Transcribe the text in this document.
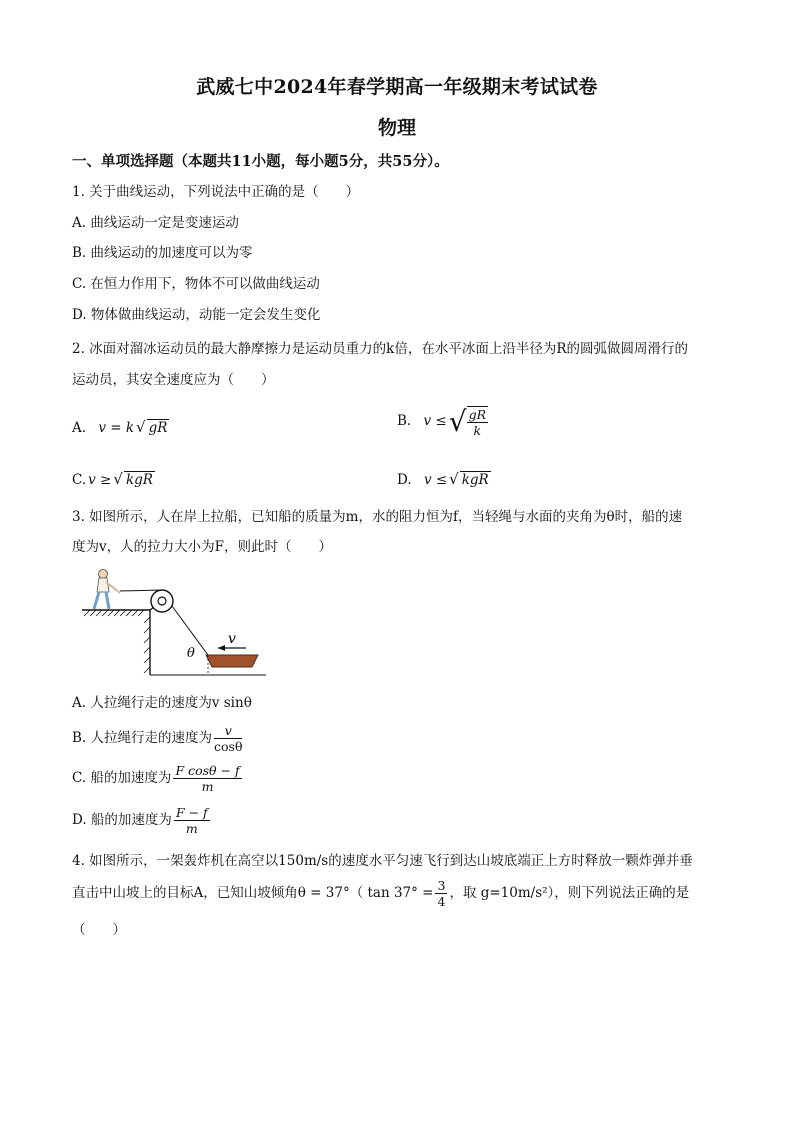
武威七中2024年春学期高一年级期末考试试卷
物理
一、单项选择题（本题共11小题，每小题5分，共55分）。
1. 关于曲线运动，下列说法中正确的是（　　）
A. 曲线运动一定是变速运动
B. 曲线运动的加速度可以为零
C. 在恒力作用下，物体不可以做曲线运动
D. 物体做曲线运动，动能一定会发生变化
2. 冰面对溜冰运动员的最大静摩擦力是运动员重力的k倍，在水平冰面上沿半径为R的圆弧做圆周滑行的
运动员，其安全速度应为（　　）
A. v = k √ gR	B. v ≤√ $\frac{gR}{k}$
C. v ≥ √ kgR	D. v ≤ √ kgR
3. 如图所示，人在岸上拉船，已知船的质量为m，水的阻力恒为f，当轻绳与水面的夹角为θ时，船的速
度为v，人的拉力大小为F，则此时（　　）
v
θ
A. 人拉绳行走的速度为v sinθ
B. 人拉绳行走的速度为 $\frac{v}{\cos\theta}$
C. 船的加速度为 $\frac{\text{F cosθ − f}}{m}$
D. 船的加速度为 $\frac{F - f}{m}$
4. 如图所示，一架轰炸机在高空以150m/s的速度水平匀速飞行到达山坡底端正上方时释放一颗炸弹并垂
直击中山坡上的目标A，已知山坡倾角θ = 37°（ $\tan 37^\circ = \frac{3}{4}$ ，取 g=10m/s²），则下列说法正确的是
（　　）
